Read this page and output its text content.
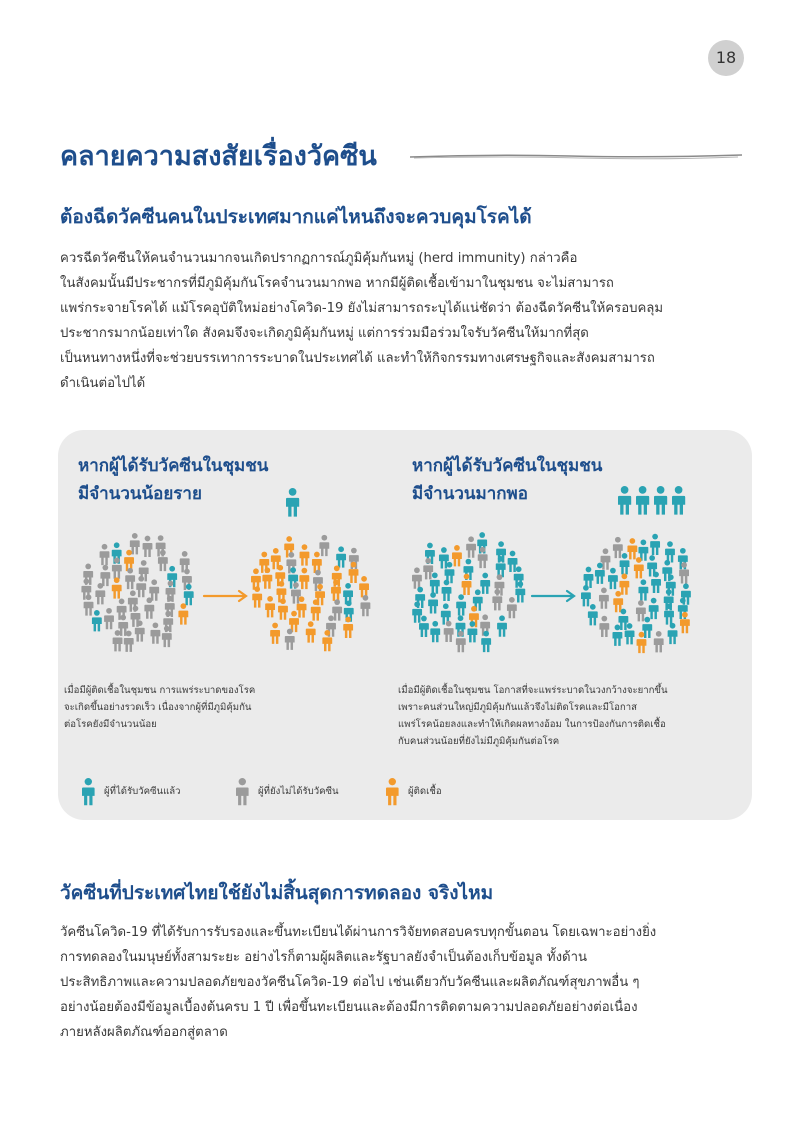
18
คลายความสงสัยเรื่องวัคซีน
ต้องฉีดวัคซีนคนในประเทศมากแค่ไหนถึงจะควบคุมโรคได้
ควรฉีดวัคซีนให้คนจำนวนมากจนเกิดปรากฏการณ์ภูมิคุ้มกันหมู่ (herd immunity) กล่าวคือ
ในสังคมนั้นมีประชากรที่มีภูมิคุ้มกันโรคจำนวนมากพอ หากมีผู้ติดเชื้อเข้ามาในชุมชน จะไม่สามารถ
แพร่กระจายโรคได้ แม้โรคอุบัติใหม่อย่างโควิด-19 ยังไม่สามารถระบุได้แน่ชัดว่า ต้องฉีดวัคซีนให้ครอบคลุม
ประชากรมากน้อยเท่าใด สังคมจึงจะเกิดภูมิคุ้มกันหมู่ แต่การร่วมมือร่วมใจรับวัคซีนให้มากที่สุด
เป็นหนทางหนึ่งที่จะช่วยบรรเทาการระบาดในประเทศได้ และทำให้กิจกรรมทางเศรษฐกิจและสังคมสามารถ
ดำเนินต่อไปได้
หากผู้ได้รับวัคซีนในชุมชน
มีจำนวนน้อยราย
หากผู้ได้รับวัคซีนในชุมชน
มีจำนวนมากพอ
เมื่อมีผู้ติดเชื้อในชุมชน การแพร่ระบาดของโรค
จะเกิดขึ้นอย่างรวดเร็ว เนื่องจากผู้ที่มีภูมิคุ้มกัน
ต่อโรคยังมีจำนวนน้อย
เมื่อมีผู้ติดเชื้อในชุมชน โอกาสที่จะแพร่ระบาดในวงกว้างจะยากขึ้น
เพราะคนส่วนใหญ่มีภูมิคุ้มกันแล้วจึงไม่ติดโรคและมีโอกาส
แพร่โรคน้อยลงและทำให้เกิดผลทางอ้อม ในการป้องกันการติดเชื้อ
กับคนส่วนน้อยที่ยังไม่มีภูมิคุ้มกันต่อโรค
ผู้ที่ได้รับวัคซีนแล้ว	ผู้ที่ยังไม่ได้รับวัคซีน	ผู้ติดเชื้อ
วัคซีนที่ประเทศไทยใช้ยังไม่สิ้นสุดการทดลอง จริงไหม
วัคซีนโควิด-19 ที่ได้รับการรับรองและขึ้นทะเบียนได้ผ่านการวิจัยทดสอบครบทุกขั้นตอน โดยเฉพาะอย่างยิ่ง
การทดลองในมนุษย์ทั้งสามระยะ อย่างไรก็ตามผู้ผลิตและรัฐบาลยังจำเป็นต้องเก็บข้อมูล ทั้งด้าน
ประสิทธิภาพและความปลอดภัยของวัคซีนโควิด-19 ต่อไป เช่นเดียวกับวัคซีนและผลิตภัณฑ์สุขภาพอื่น ๆ
อย่างน้อยต้องมีข้อมูลเบื้องต้นครบ 1 ปี เพื่อขึ้นทะเบียนและต้องมีการติดตามความปลอดภัยอย่างต่อเนื่อง
ภายหลังผลิตภัณฑ์ออกสู่ตลาด
